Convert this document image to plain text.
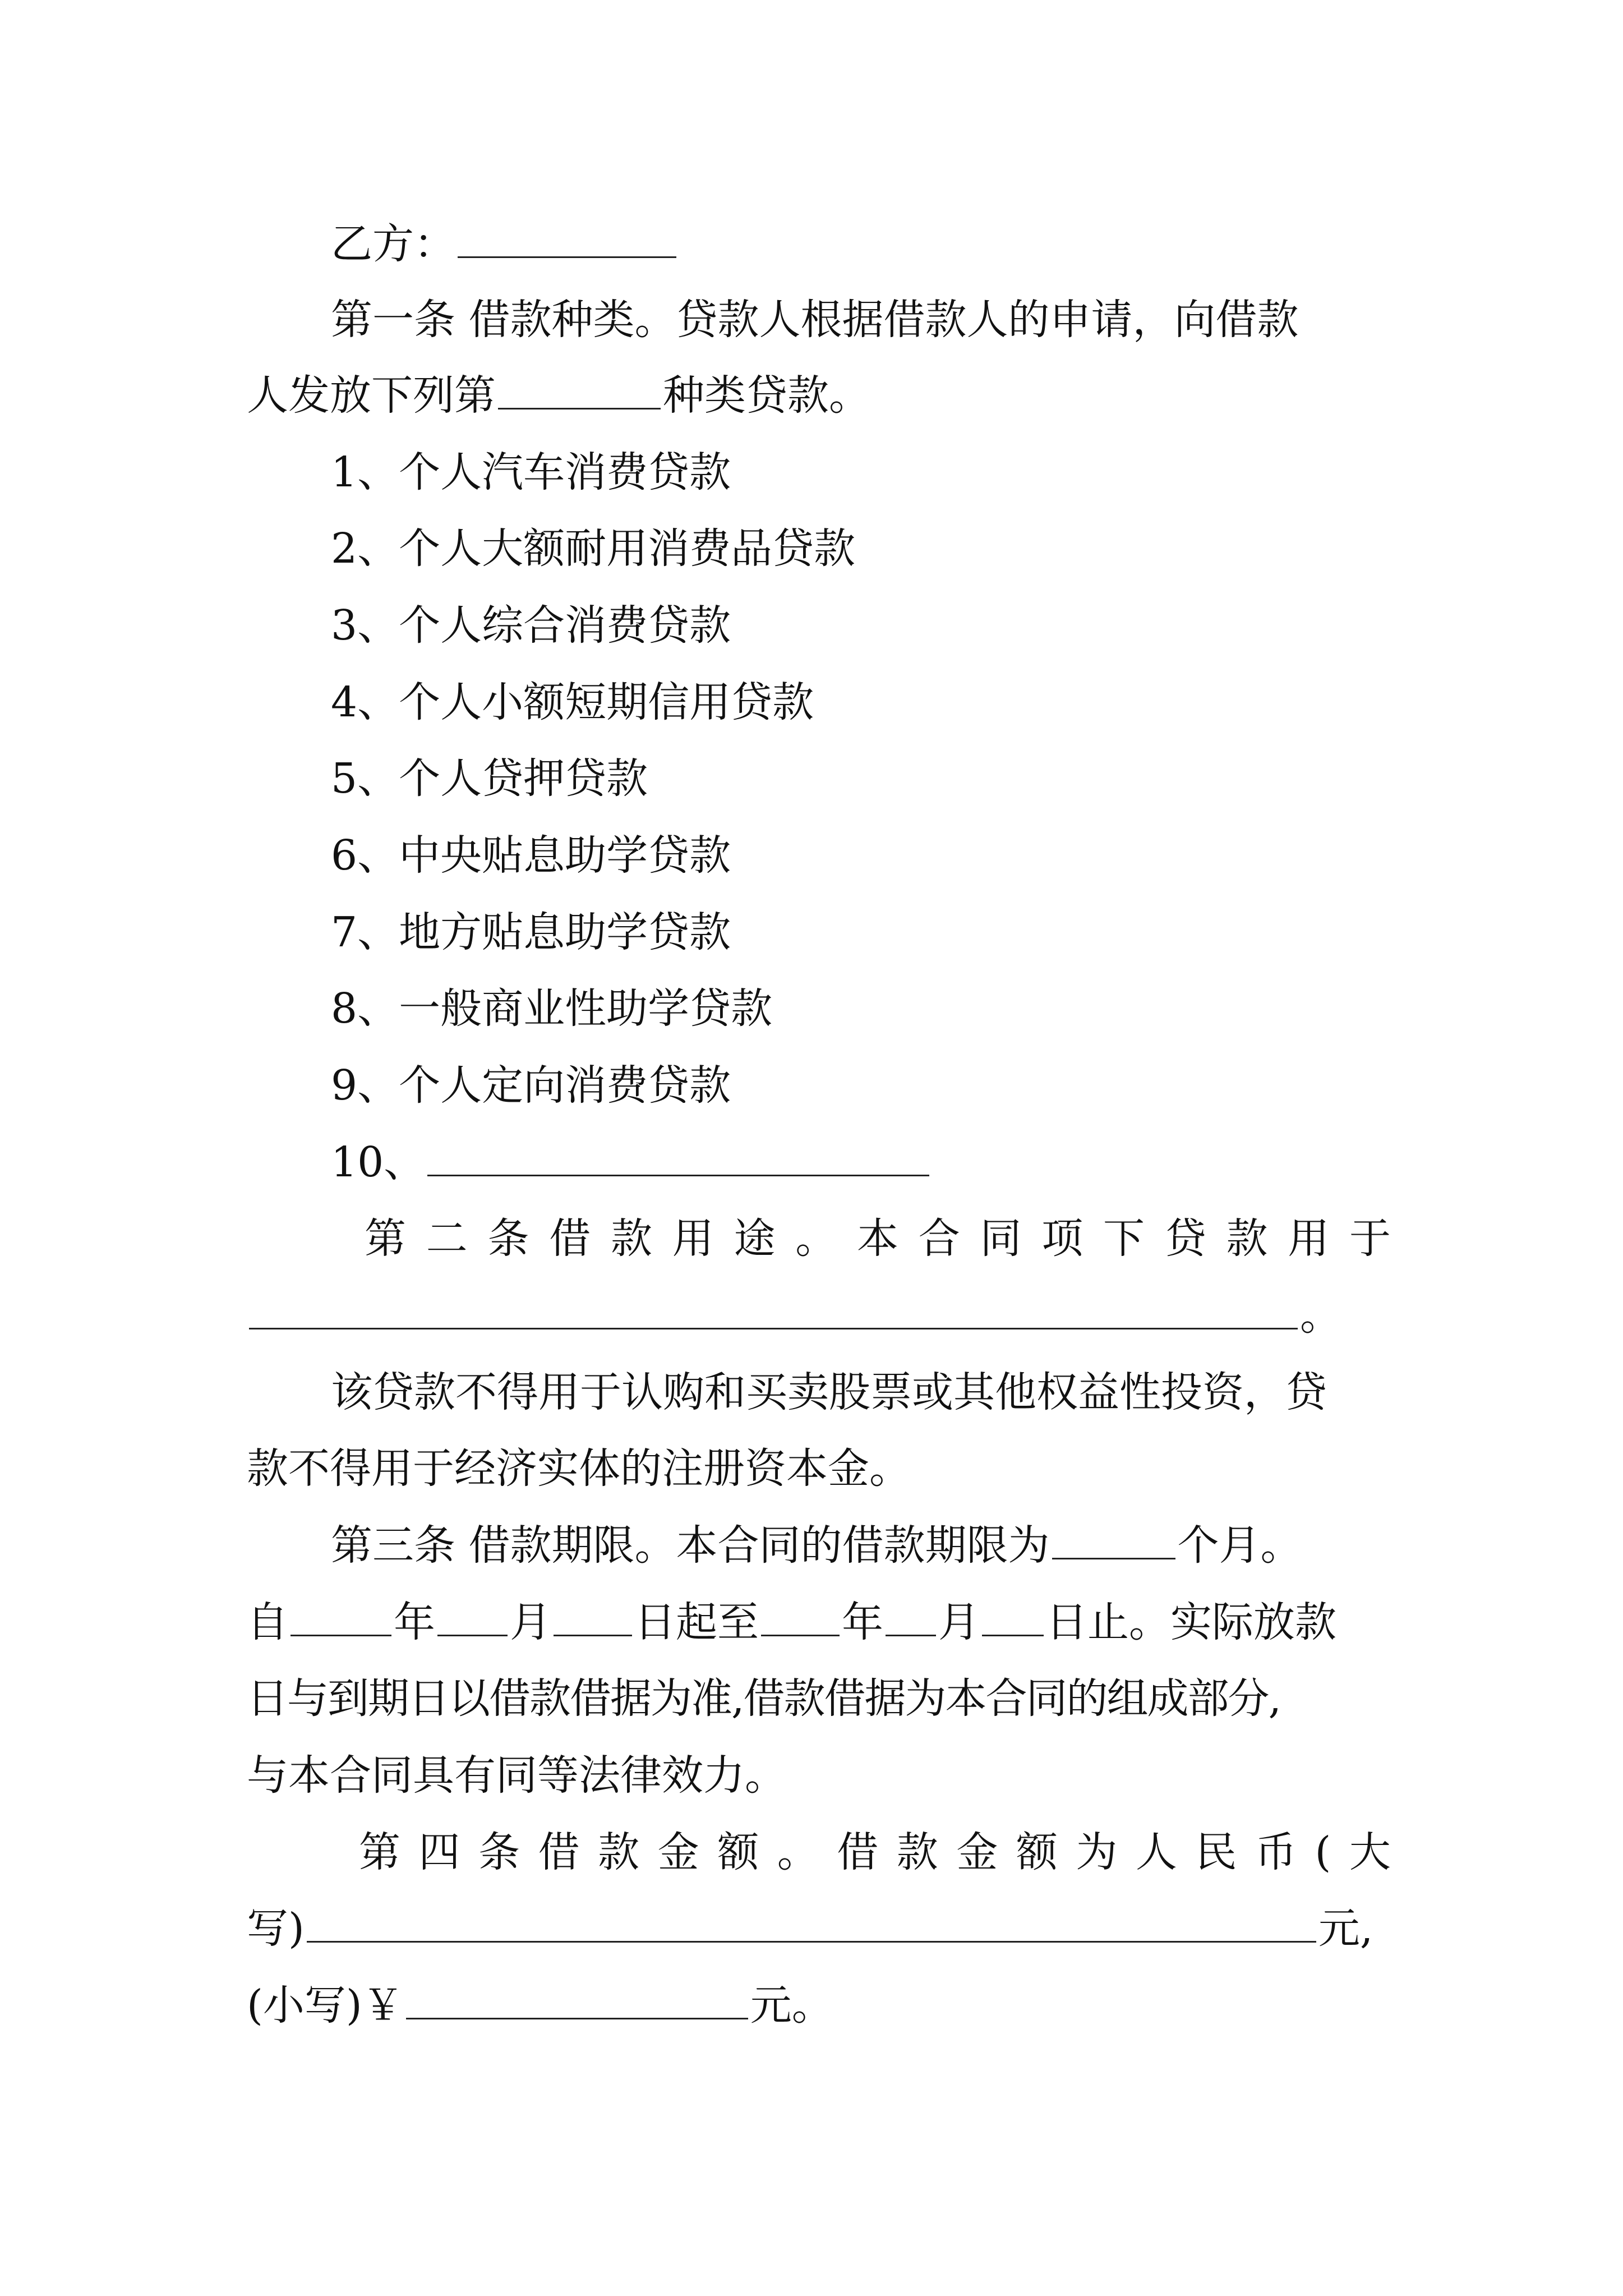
乙方：
第一条 借款种类。贷款人根据借款人的申请，向借款
人发放下列第	种类贷款。
1、个人汽车消费贷款
2、个人大额耐用消费品贷款
3、个人综合消费贷款
4、个人小额短期信用贷款
5、个人贷押贷款
6、中央贴息助学贷款
7、地方贴息助学贷款
8、一般商业性助学贷款
9、个人定向消费贷款
10、
第 二 条 借 款 用 途 。 本 合 同 项 下 贷 款 用 于
。
该贷款不得用于认购和买卖股票或其他权益性投资，贷
款不得用于经济实体的注册资本金。
第三条 借款期限。本合同的借款期限为	个月。
自	年 月 日起至 年 月 日止。实际放款
日与到期日以借款借据为准,借款借据为本合同的组成部分,
与本合同具有同等法律效力。
第 四 条 借 款 金 额 。 借 款 金 额 为 人 民 币 ( 大
写)	元,
(小写)￥	元。
